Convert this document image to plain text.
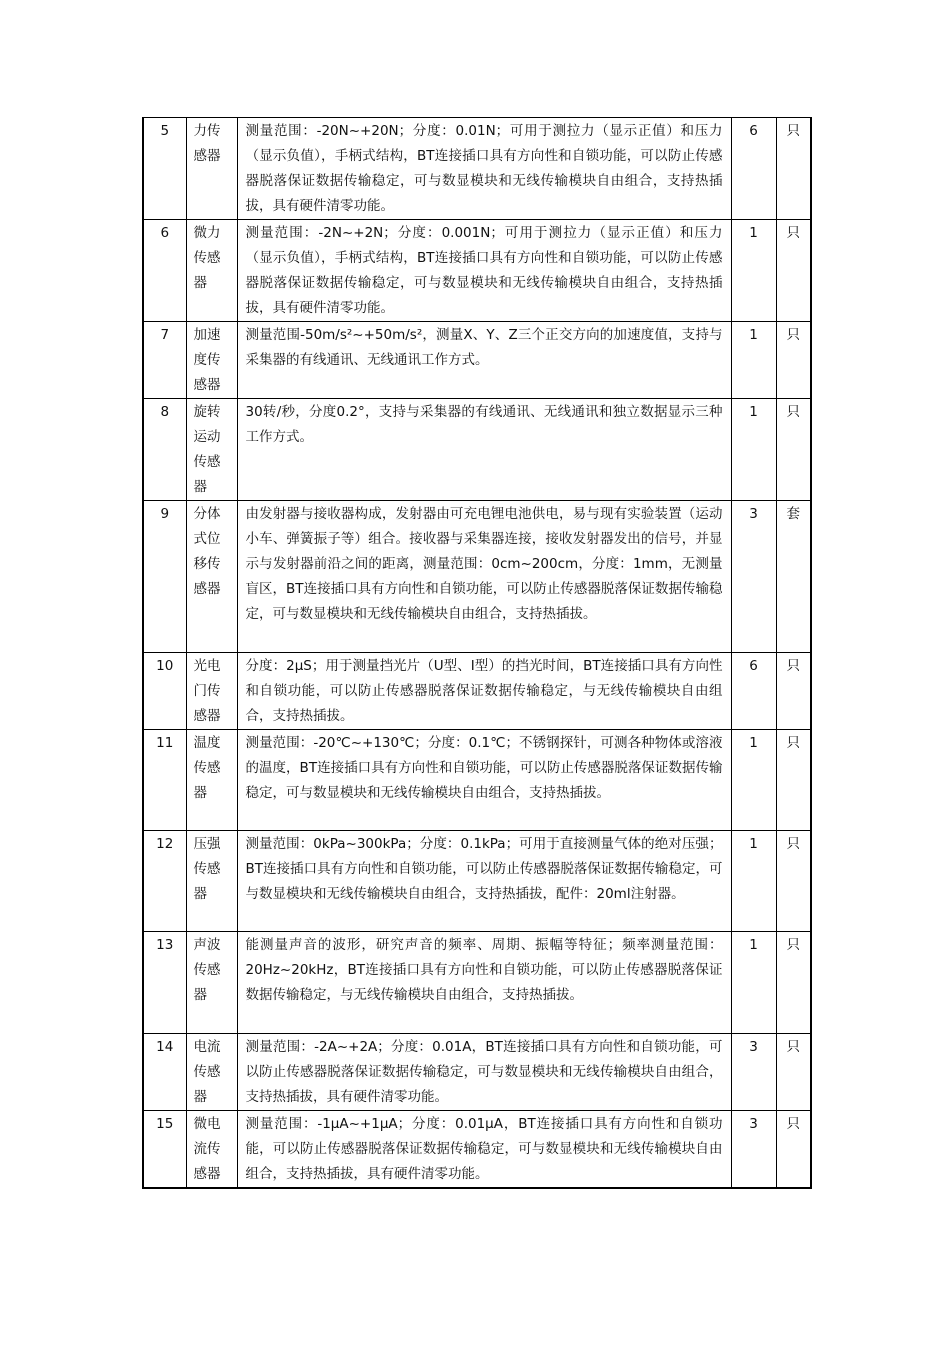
5	力传感器	测量范围：-20N~+20N；分度：0.01N；可用于测拉力（显示正值）和压力（显示负值），手柄式结构，BT连接插口具有方向性和自锁功能，可以防止传感器脱落保证数据传输稳定，可与数显模块和无线传输模块自由组合，支持热插拔，具有硬件清零功能。	6	只
6	微力传感器	测量范围：-2N~+2N；分度：0.001N；可用于测拉力（显示正值）和压力（显示负值），手柄式结构，BT连接插口具有方向性和自锁功能，可以防止传感器脱落保证数据传输稳定，可与数显模块和无线传输模块自由组合，支持热插拔，具有硬件清零功能。	1	只
7	加速度传感器	测量范围-50m/s²~+50m/s²，测量X、Y、Z三个正交方向的加速度值，支持与采集器的有线通讯、无线通讯工作方式。	1	只
8	旋转运动传感器	30转/秒，分度0.2°，支持与采集器的有线通讯、无线通讯和独立数据显示三种工作方式。	1	只
9	分体式位移传感器	由发射器与接收器构成，发射器由可充电锂电池供电，易与现有实验装置（运动小车、弹簧振子等）组合。接收器与采集器连接，接收发射器发出的信号，并显示与发射器前沿之间的距离，测量范围：0cm~200cm，分度：1mm，无测量盲区，BT连接插口具有方向性和自锁功能，可以防止传感器脱落保证数据传输稳定，可与数显模块和无线传输模块自由组合，支持热插拔。	3	套
10	光电门传感器	分度：2μS；用于测量挡光片（U型、I型）的挡光时间，BT连接插口具有方向性和自锁功能，可以防止传感器脱落保证数据传输稳定，与无线传输模块自由组合，支持热插拔。	6	只
11	温度传感器	测量范围：-20℃~+130℃；分度：0.1℃；不锈钢探针，可测各种物体或溶液的温度，BT连接插口具有方向性和自锁功能，可以防止传感器脱落保证数据传输稳定，可与数显模块和无线传输模块自由组合，支持热插拔。	1	只
12	压强传感器	测量范围：0kPa~300kPa；分度：0.1kPa；可用于直接测量气体的绝对压强；BT连接插口具有方向性和自锁功能，可以防止传感器脱落保证数据传输稳定，可与数显模块和无线传输模块自由组合，支持热插拔，配件：20ml注射器。	1	只
13	声波传感器	能测量声音的波形，研究声音的频率、周期、振幅等特征；频率测量范围：20Hz~20kHz，BT连接插口具有方向性和自锁功能，可以防止传感器脱落保证数据传输稳定，与无线传输模块自由组合，支持热插拔。	1	只
14	电流传感器	测量范围：-2A~+2A；分度：0.01A，BT连接插口具有方向性和自锁功能，可以防止传感器脱落保证数据传输稳定，可与数显模块和无线传输模块自由组合，支持热插拔，具有硬件清零功能。	3	只
15	微电流传感器	测量范围：-1μA~+1μA；分度：0.01μA，BT连接插口具有方向性和自锁功能，可以防止传感器脱落保证数据传输稳定，可与数显模块和无线传输模块自由组合，支持热插拔，具有硬件清零功能。	3	只
